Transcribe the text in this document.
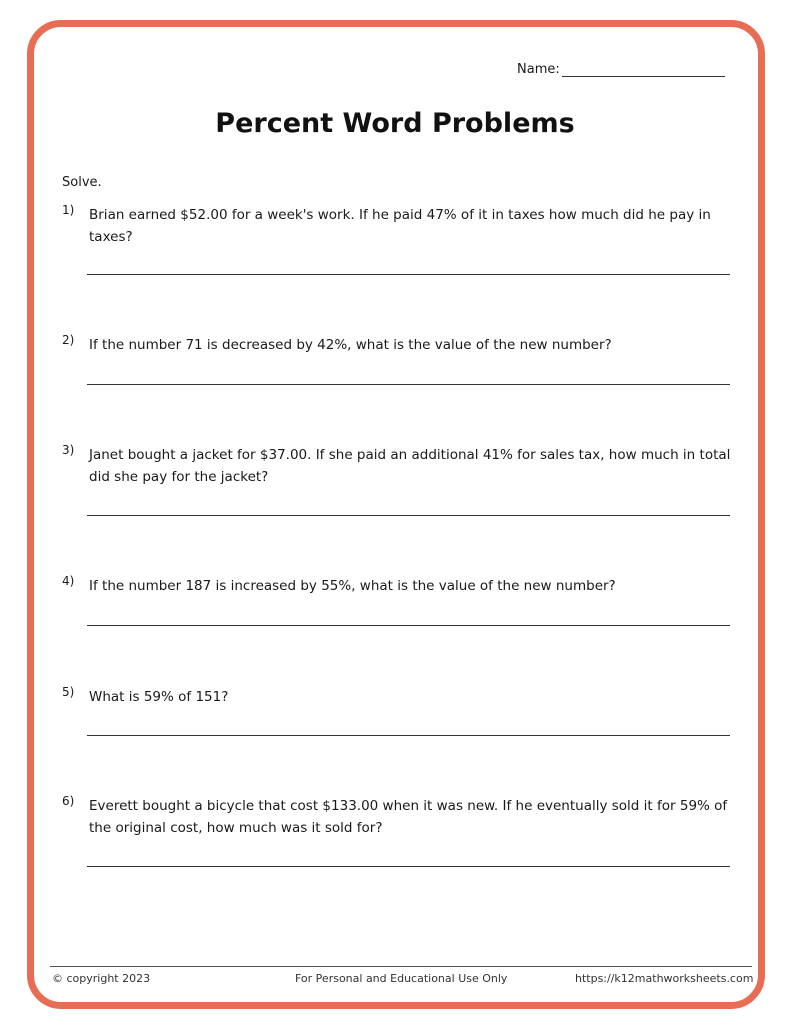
Name:
Percent Word Problems
Solve.
1) Brian earned $52.00 for a week's work. If he paid 47% of it in taxes how much did he pay in taxes?
2) If the number 71 is decreased by 42%, what is the value of the new number?
3) Janet bought a jacket for $37.00. If she paid an additional 41% for sales tax, how much in total did she pay for the jacket?
4) If the number 187 is increased by 55%, what is the value of the new number?
5) What is 59% of 151?
6) Everett bought a bicycle that cost $133.00 when it was new. If he eventually sold it for 59% of the original cost, how much was it sold for?
© copyright 2023	For Personal and Educational Use Only	https://k12mathworksheets.com
